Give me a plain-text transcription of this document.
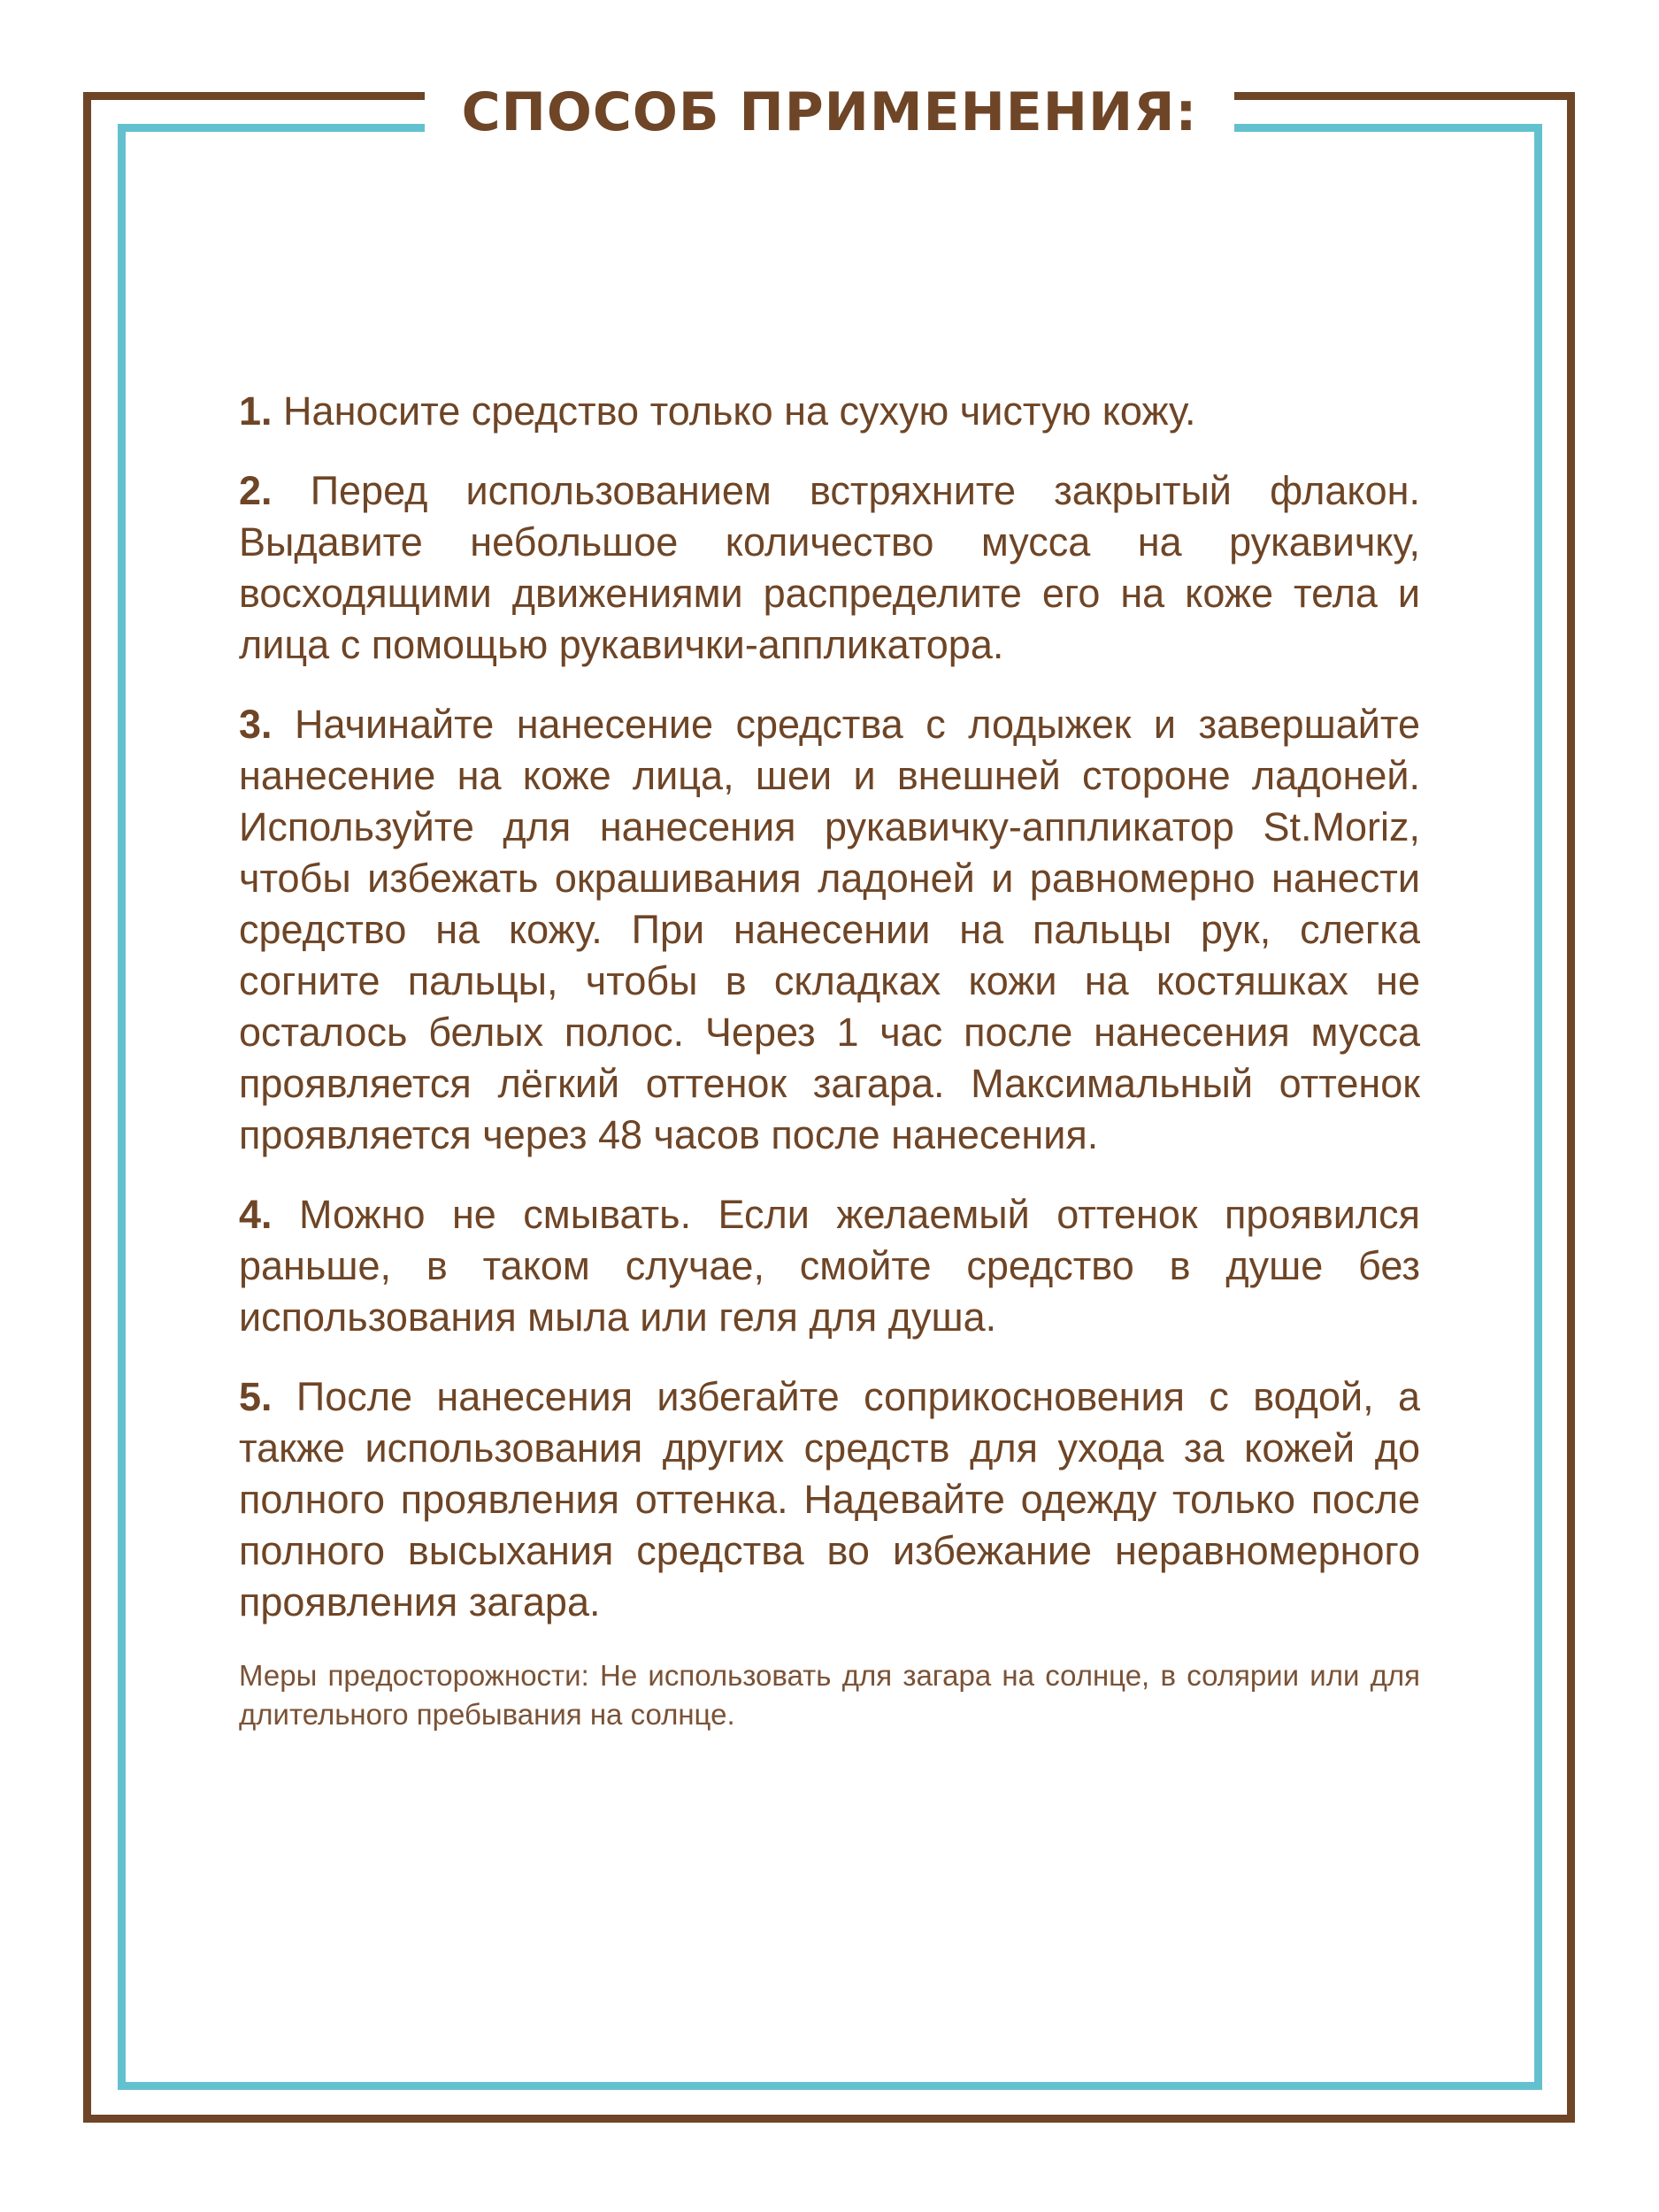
СПОСОБ ПРИМЕНЕНИЯ:

1. Наносите средство только на сухую чистую кожу.

2. Перед использованием встряхните закрытый флакон. Выдавите небольшое количество мусса на рукавичку, восходящими движениями распределите его на коже тела и лица с помощью рукавички-аппликатора.

3. Начинайте нанесение средства с лодыжек и завершайте нанесение на коже лица, шеи и внешней стороне ладоней. Используйте для нанесения рукавичку-аппликатор St.Moriz, чтобы избежать окрашивания ладоней и равномерно нанести средство на кожу. При нанесении на пальцы рук, слегка согните пальцы, чтобы в складках кожи на костяшках не осталось белых полос. Через 1 час после нанесения мусса проявляется лёгкий оттенок загара. Максимальный оттенок проявляется через 48 часов после нанесения.

4. Можно не смывать. Если желаемый оттенок проявился раньше, в таком случае, смойте средство в душе без использования мыла или геля для душа.

5. После нанесения избегайте соприкосновения с водой, а также использования других средств для ухода за кожей до полного проявления оттенка. Надевайте одежду только после полного высыхания средства во избежание неравномерного проявления загара.

Меры предосторожности: Не использовать для загара на солнце, в солярии или для длительного пребывания на солнце.
